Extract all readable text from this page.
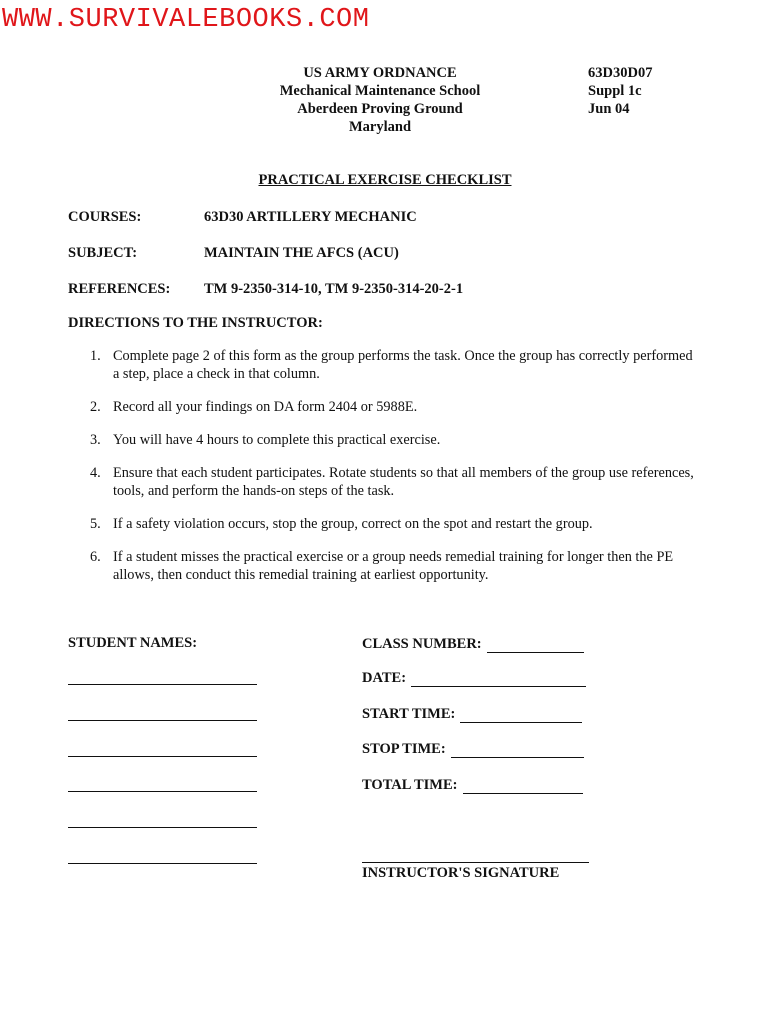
WWW.SURVIVALEBOOKS.COM
US ARMY ORDNANCE
Mechanical Maintenance School
Aberdeen Proving Ground
Maryland
63D30D07
Suppl 1c
Jun 04
PRACTICAL EXERCISE CHECKLIST
COURSES:	63D30 ARTILLERY MECHANIC
SUBJECT:	MAINTAIN THE AFCS (ACU)
REFERENCES: TM 9-2350-314-10, TM 9-2350-314-20-2-1
DIRECTIONS TO THE INSTRUCTOR:
1. Complete page 2 of this form as the group performs the task. Once the group has correctly performed a step, place a check in that column.
2. Record all your findings on DA form 2404 or 5988E.
3. You will have 4 hours to complete this practical exercise.
4. Ensure that each student participates. Rotate students so that all members of the group use references, tools, and perform the hands-on steps of the task.
5. If a safety violation occurs, stop the group, correct on the spot and restart the group.
6. If a student misses the practical exercise or a group needs remedial training for longer then the PE allows, then conduct this remedial training at earliest opportunity.
STUDENT NAMES:	CLASS NUMBER:
DATE:
START TIME:
STOP TIME:
TOTAL TIME:
INSTRUCTOR'S SIGNATURE
